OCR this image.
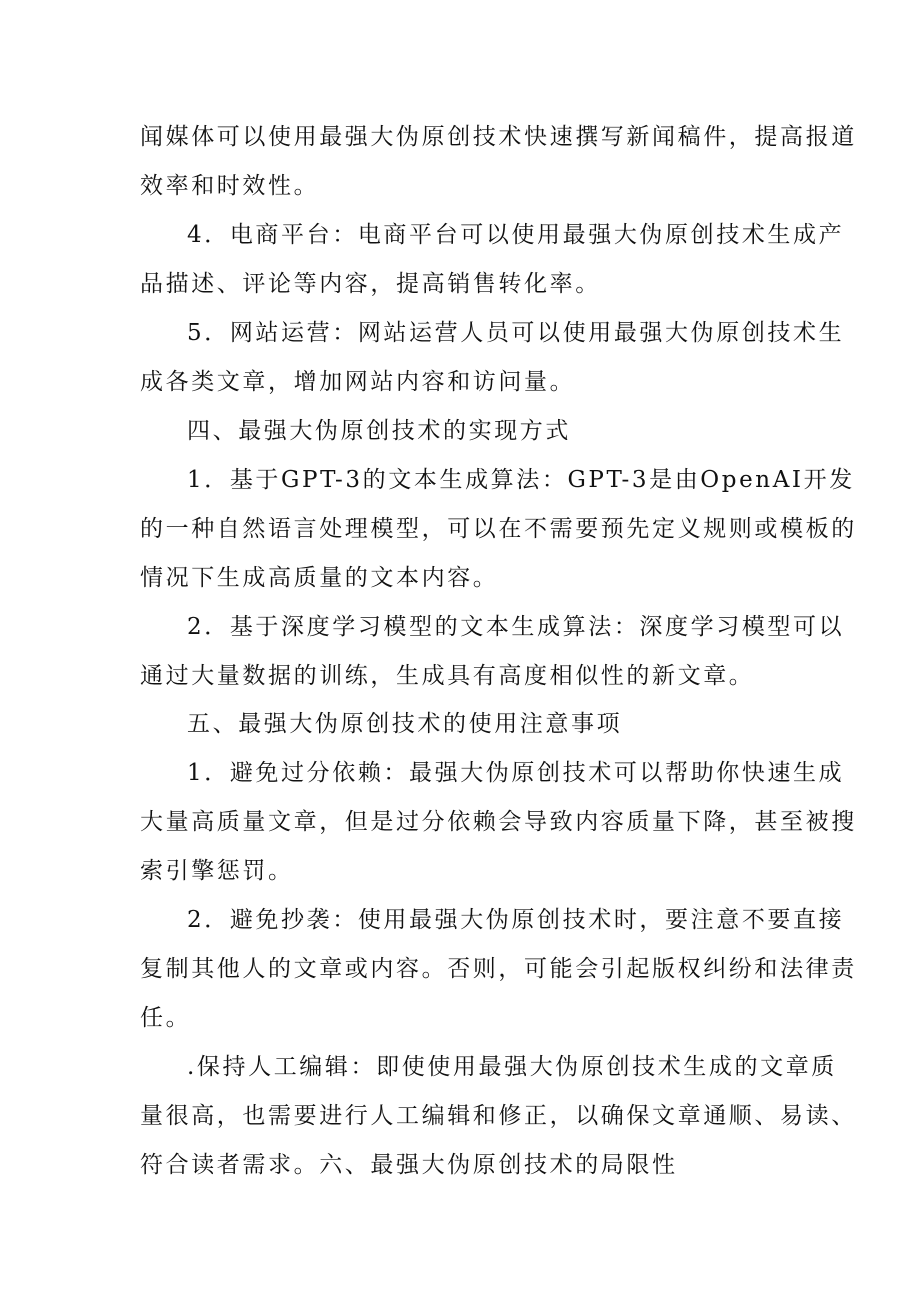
闻媒体可以使用最强大伪原创技术快速撰写新闻稿件，提高报道
效率和时效性。
4．电商平台：电商平台可以使用最强大伪原创技术生成产
品描述、评论等内容，提高销售转化率。
5．网站运营：网站运营人员可以使用最强大伪原创技术生
成各类文章，增加网站内容和访问量。
四、最强大伪原创技术的实现方式
1．基于GPT-3的文本生成算法：GPT-3是由OpenAI开发
的一种自然语言处理模型，可以在不需要预先定义规则或模板的
情况下生成高质量的文本内容。
2．基于深度学习模型的文本生成算法：深度学习模型可以
通过大量数据的训练，生成具有高度相似性的新文章。
五、最强大伪原创技术的使用注意事项
1．避免过分依赖：最强大伪原创技术可以帮助你快速生成
大量高质量文章，但是过分依赖会导致内容质量下降，甚至被搜
索引擎惩罚。
2．避免抄袭：使用最强大伪原创技术时，要注意不要直接
复制其他人的文章或内容。否则，可能会引起版权纠纷和法律责
任。
.保持人工编辑：即使使用最强大伪原创技术生成的文章质
量很高，也需要进行人工编辑和修正，以确保文章通顺、易读、
符合读者需求。六、最强大伪原创技术的局限性
